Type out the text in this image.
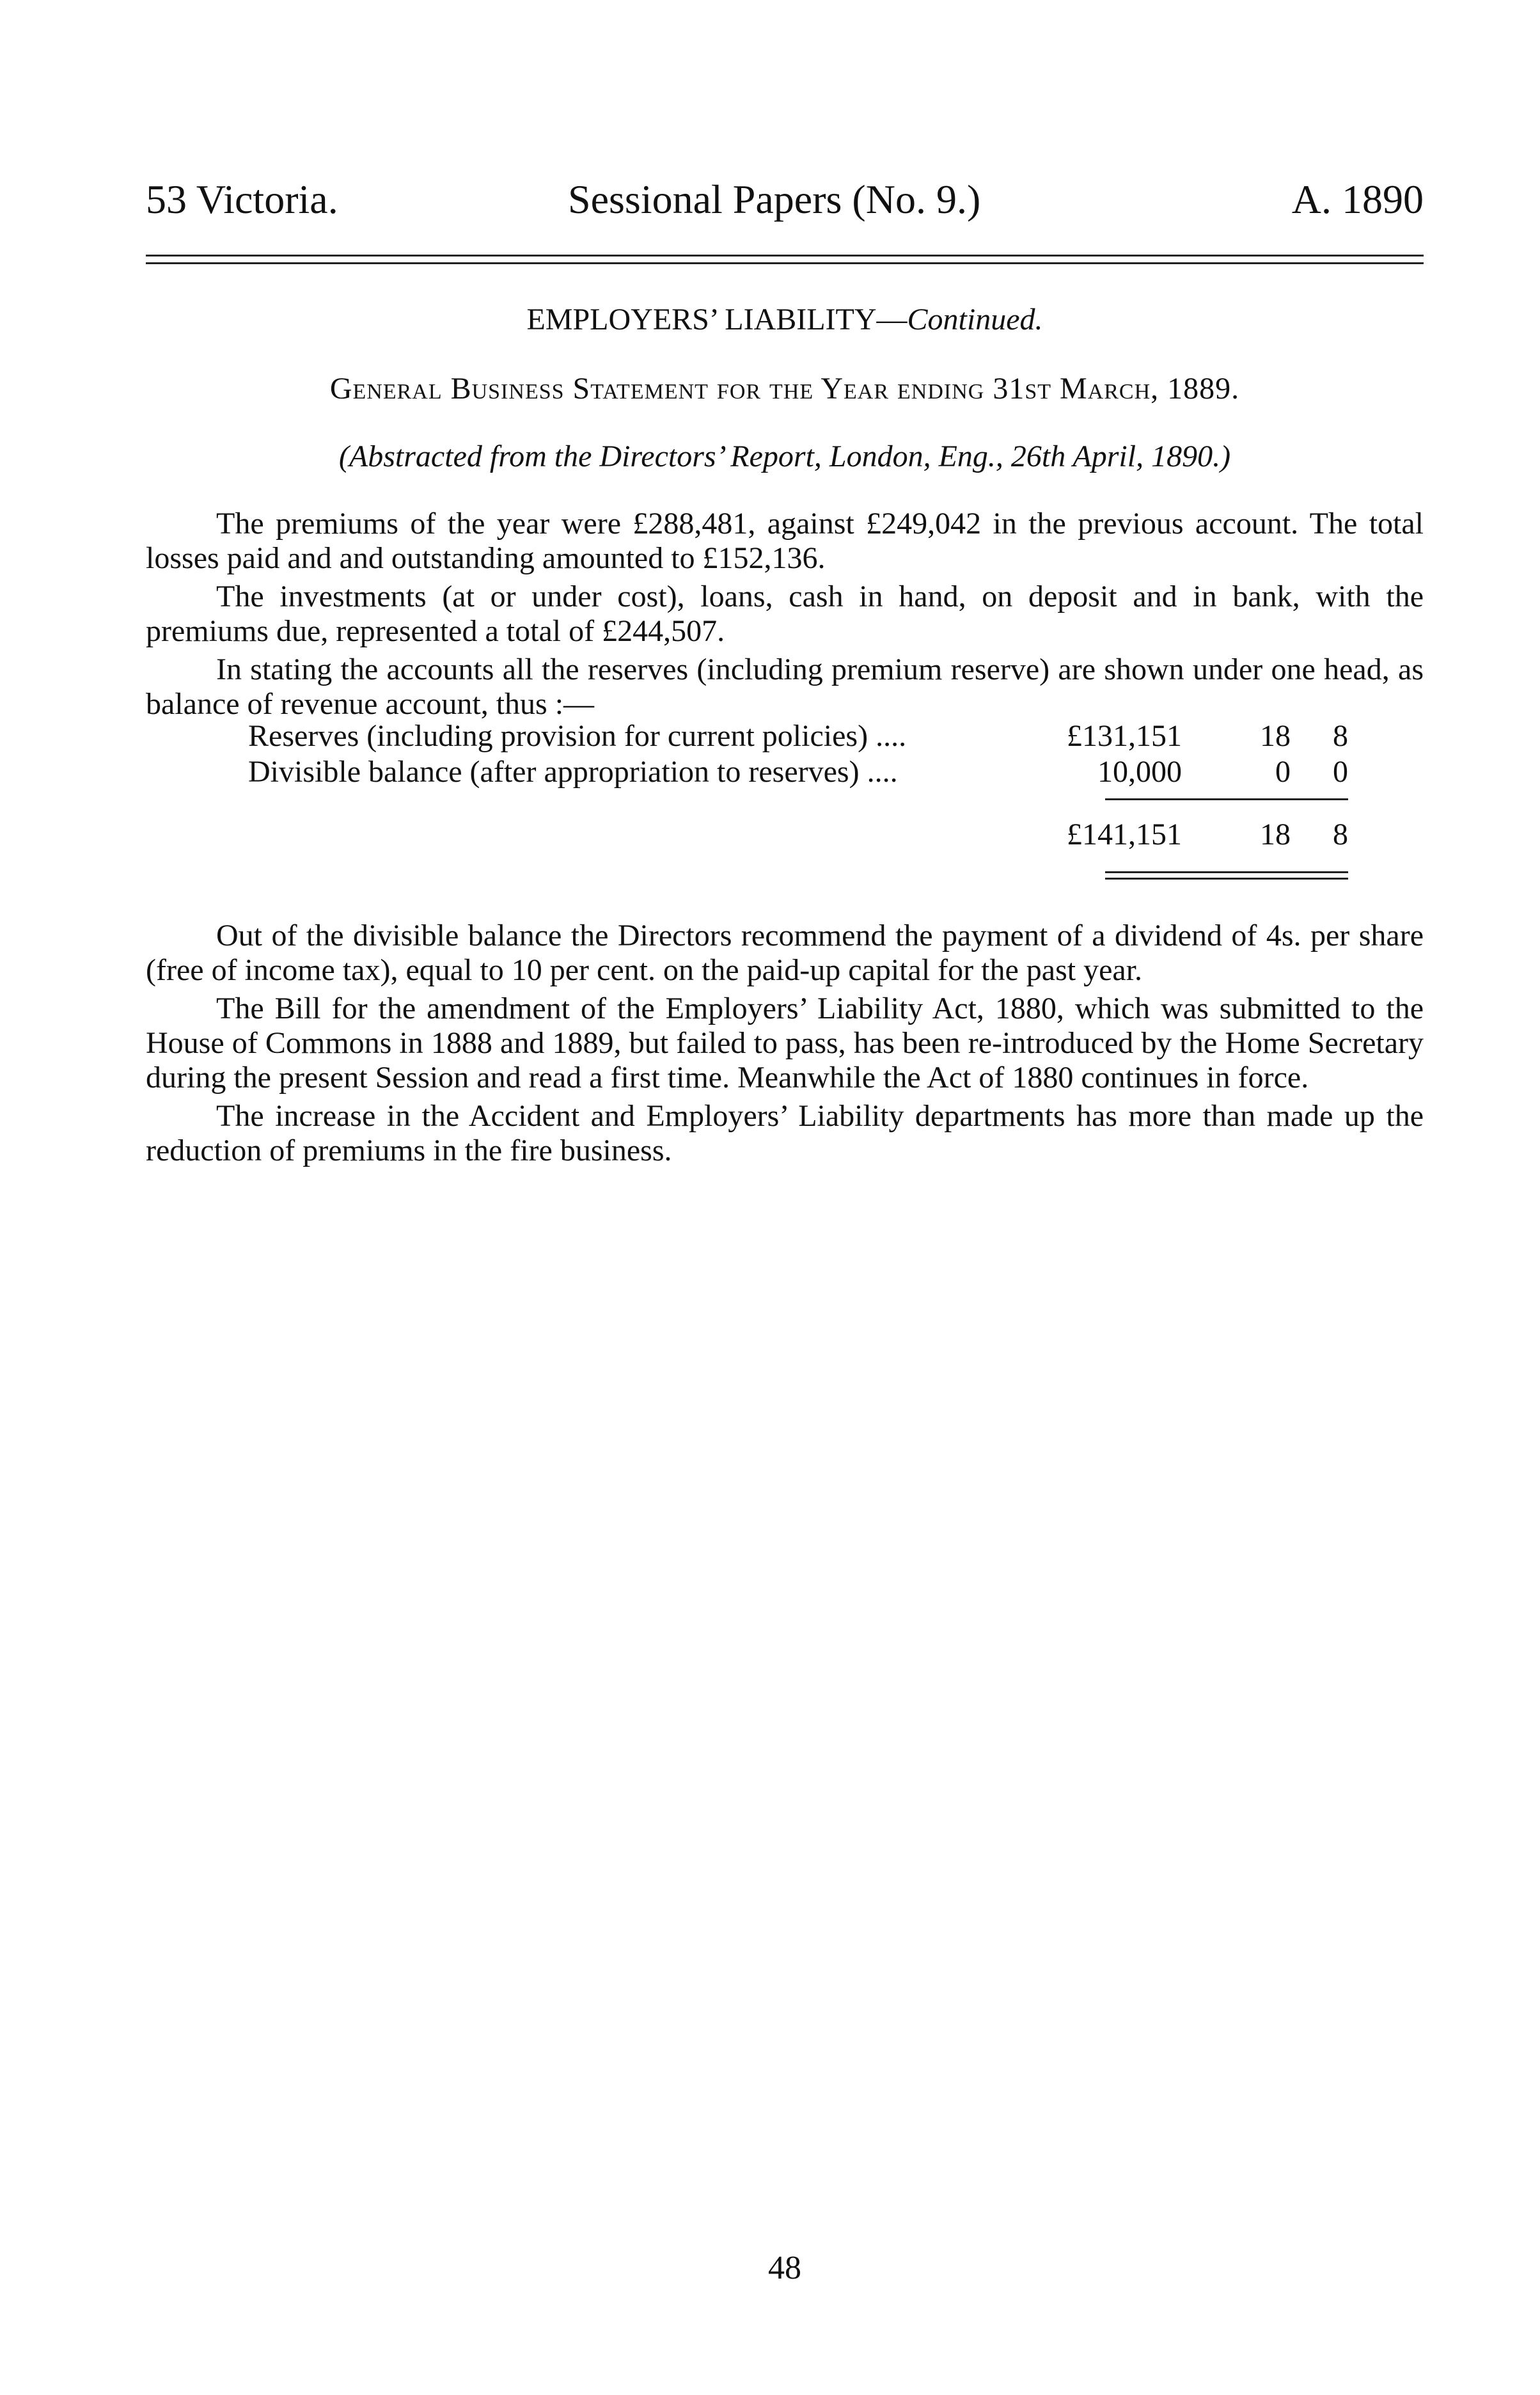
53 Victoria.	Sessional Papers (No. 9.)	A. 1890
EMPLOYERS’ LIABILITY—Continued.
General Business Statement for the Year ending 31st March, 1889.
(Abstracted from the Directors’ Report, London, Eng., 26th April, 1890.)

The premiums of the year were £288,481, against £249,042 in the previous account. The total losses paid and and outstanding amounted to £152,136.

The investments (at or under cost), loans, cash in hand, on deposit and in bank, with the premiums due, represented a total of £244,507.

In stating the accounts all the reserves (including premium reserve) are shown under one head, as balance of revenue account, thus :—

Reserves (including provision for current policies) ....	£131,151	18	8
Divisible balance (after appropriation to reserves) ....	10,000	0	0
£141,151	18	8

Out of the divisible balance the Directors recommend the payment of a dividend of 4s. per share (free of income tax), equal to 10 per cent. on the paid-up capital for the past year.

The Bill for the amendment of the Employers’ Liability Act, 1880, which was submitted to the House of Commons in 1888 and 1889, but failed to pass, has been re-introduced by the Home Secretary during the present Session and read a first time. Meanwhile the Act of 1880 continues in force.

The increase in the Accident and Employers’ Liability departments has more than made up the reduction of premiums in the fire business.

48
